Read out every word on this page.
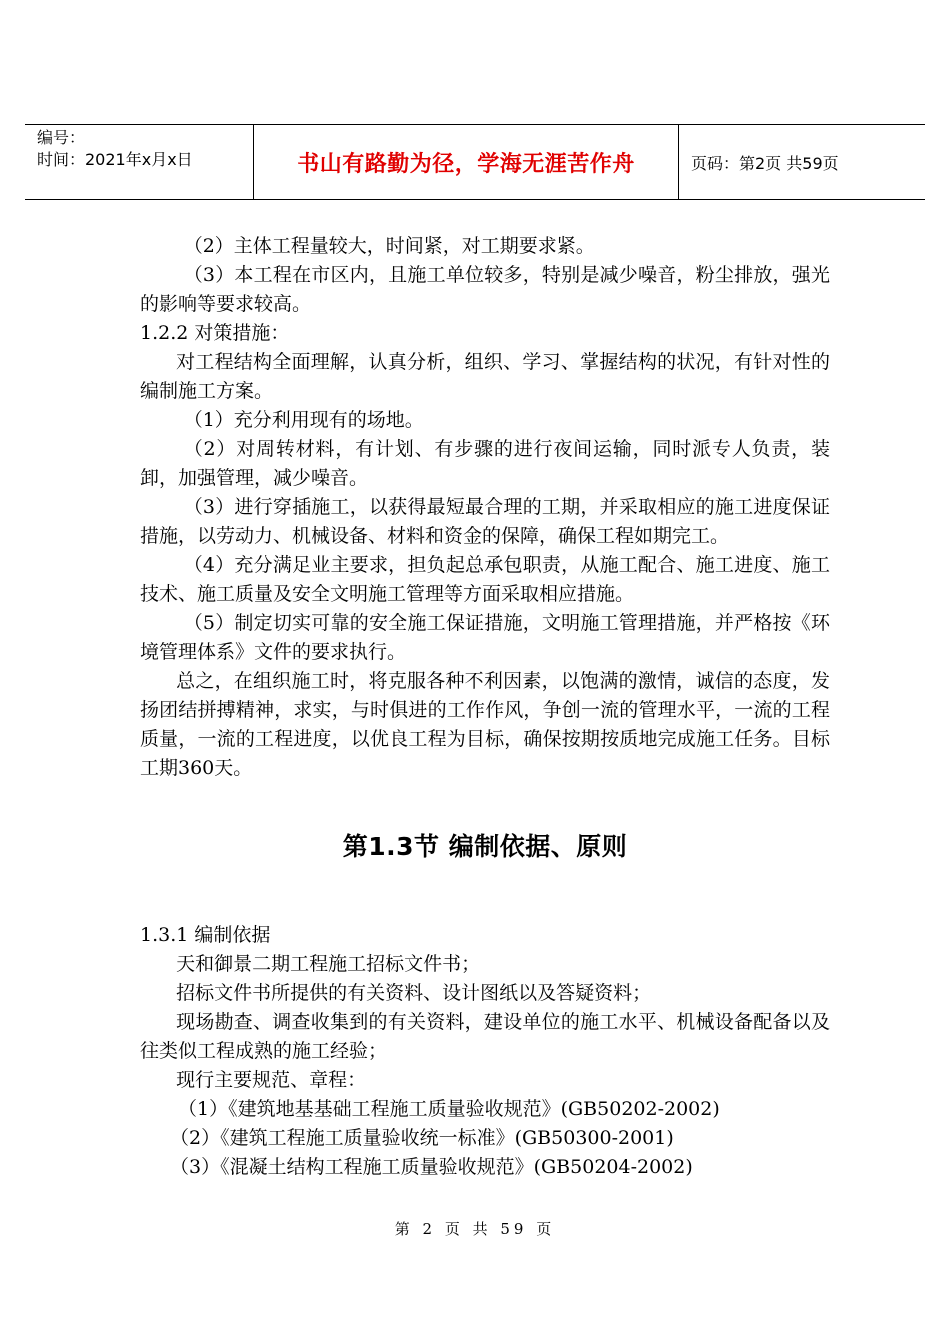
编号：
时间：2021年x月x日	书山有路勤为径，学海无涯苦作舟	页码：第2页 共59页

（2）主体工程量较大，时间紧，对工期要求紧。

（3）本工程在市区内，且施工单位较多，特别是减少噪音，粉尘排放，强光的影响等要求较高。

1.2.2 对策措施：

对工程结构全面理解，认真分析，组织、学习、掌握结构的状况，有针对性的编制施工方案。

（1）充分利用现有的场地。

（2）对周转材料，有计划、有步骤的进行夜间运输，同时派专人负责，装卸，加强管理，减少噪音。

（3）进行穿插施工，以获得最短最合理的工期，并采取相应的施工进度保证措施，以劳动力、机械设备、材料和资金的保障，确保工程如期完工。

（4）充分满足业主要求，担负起总承包职责，从施工配合、施工进度、施工技术、施工质量及安全文明施工管理等方面采取相应措施。

（5）制定切实可靠的安全施工保证措施，文明施工管理措施，并严格按《环境管理体系》文件的要求执行。

总之，在组织施工时，将克服各种不利因素，以饱满的激情，诚信的态度，发扬团结拼搏精神，求实，与时俱进的工作作风，争创一流的管理水平，一流的工程质量，一流的工程进度，以优良工程为目标，确保按期按质地完成施工任务。目标工期360天。

第1.3节 编制依据、原则

1.3.1 编制依据

天和御景二期工程施工招标文件书；

招标文件书所提供的有关资料、设计图纸以及答疑资料；

现场勘查、调查收集到的有关资料，建设单位的施工水平、机械设备配备以及往类似工程成熟的施工经验；

现行主要规范、章程：

（1）《建筑地基基础工程施工质量验收规范》(GB50202-2002)

（2）《建筑工程施工质量验收统一标准》(GB50300-2001)

（3）《混凝土结构工程施工质量验收规范》(GB50204-2002)

第 2 页 共 59 页
